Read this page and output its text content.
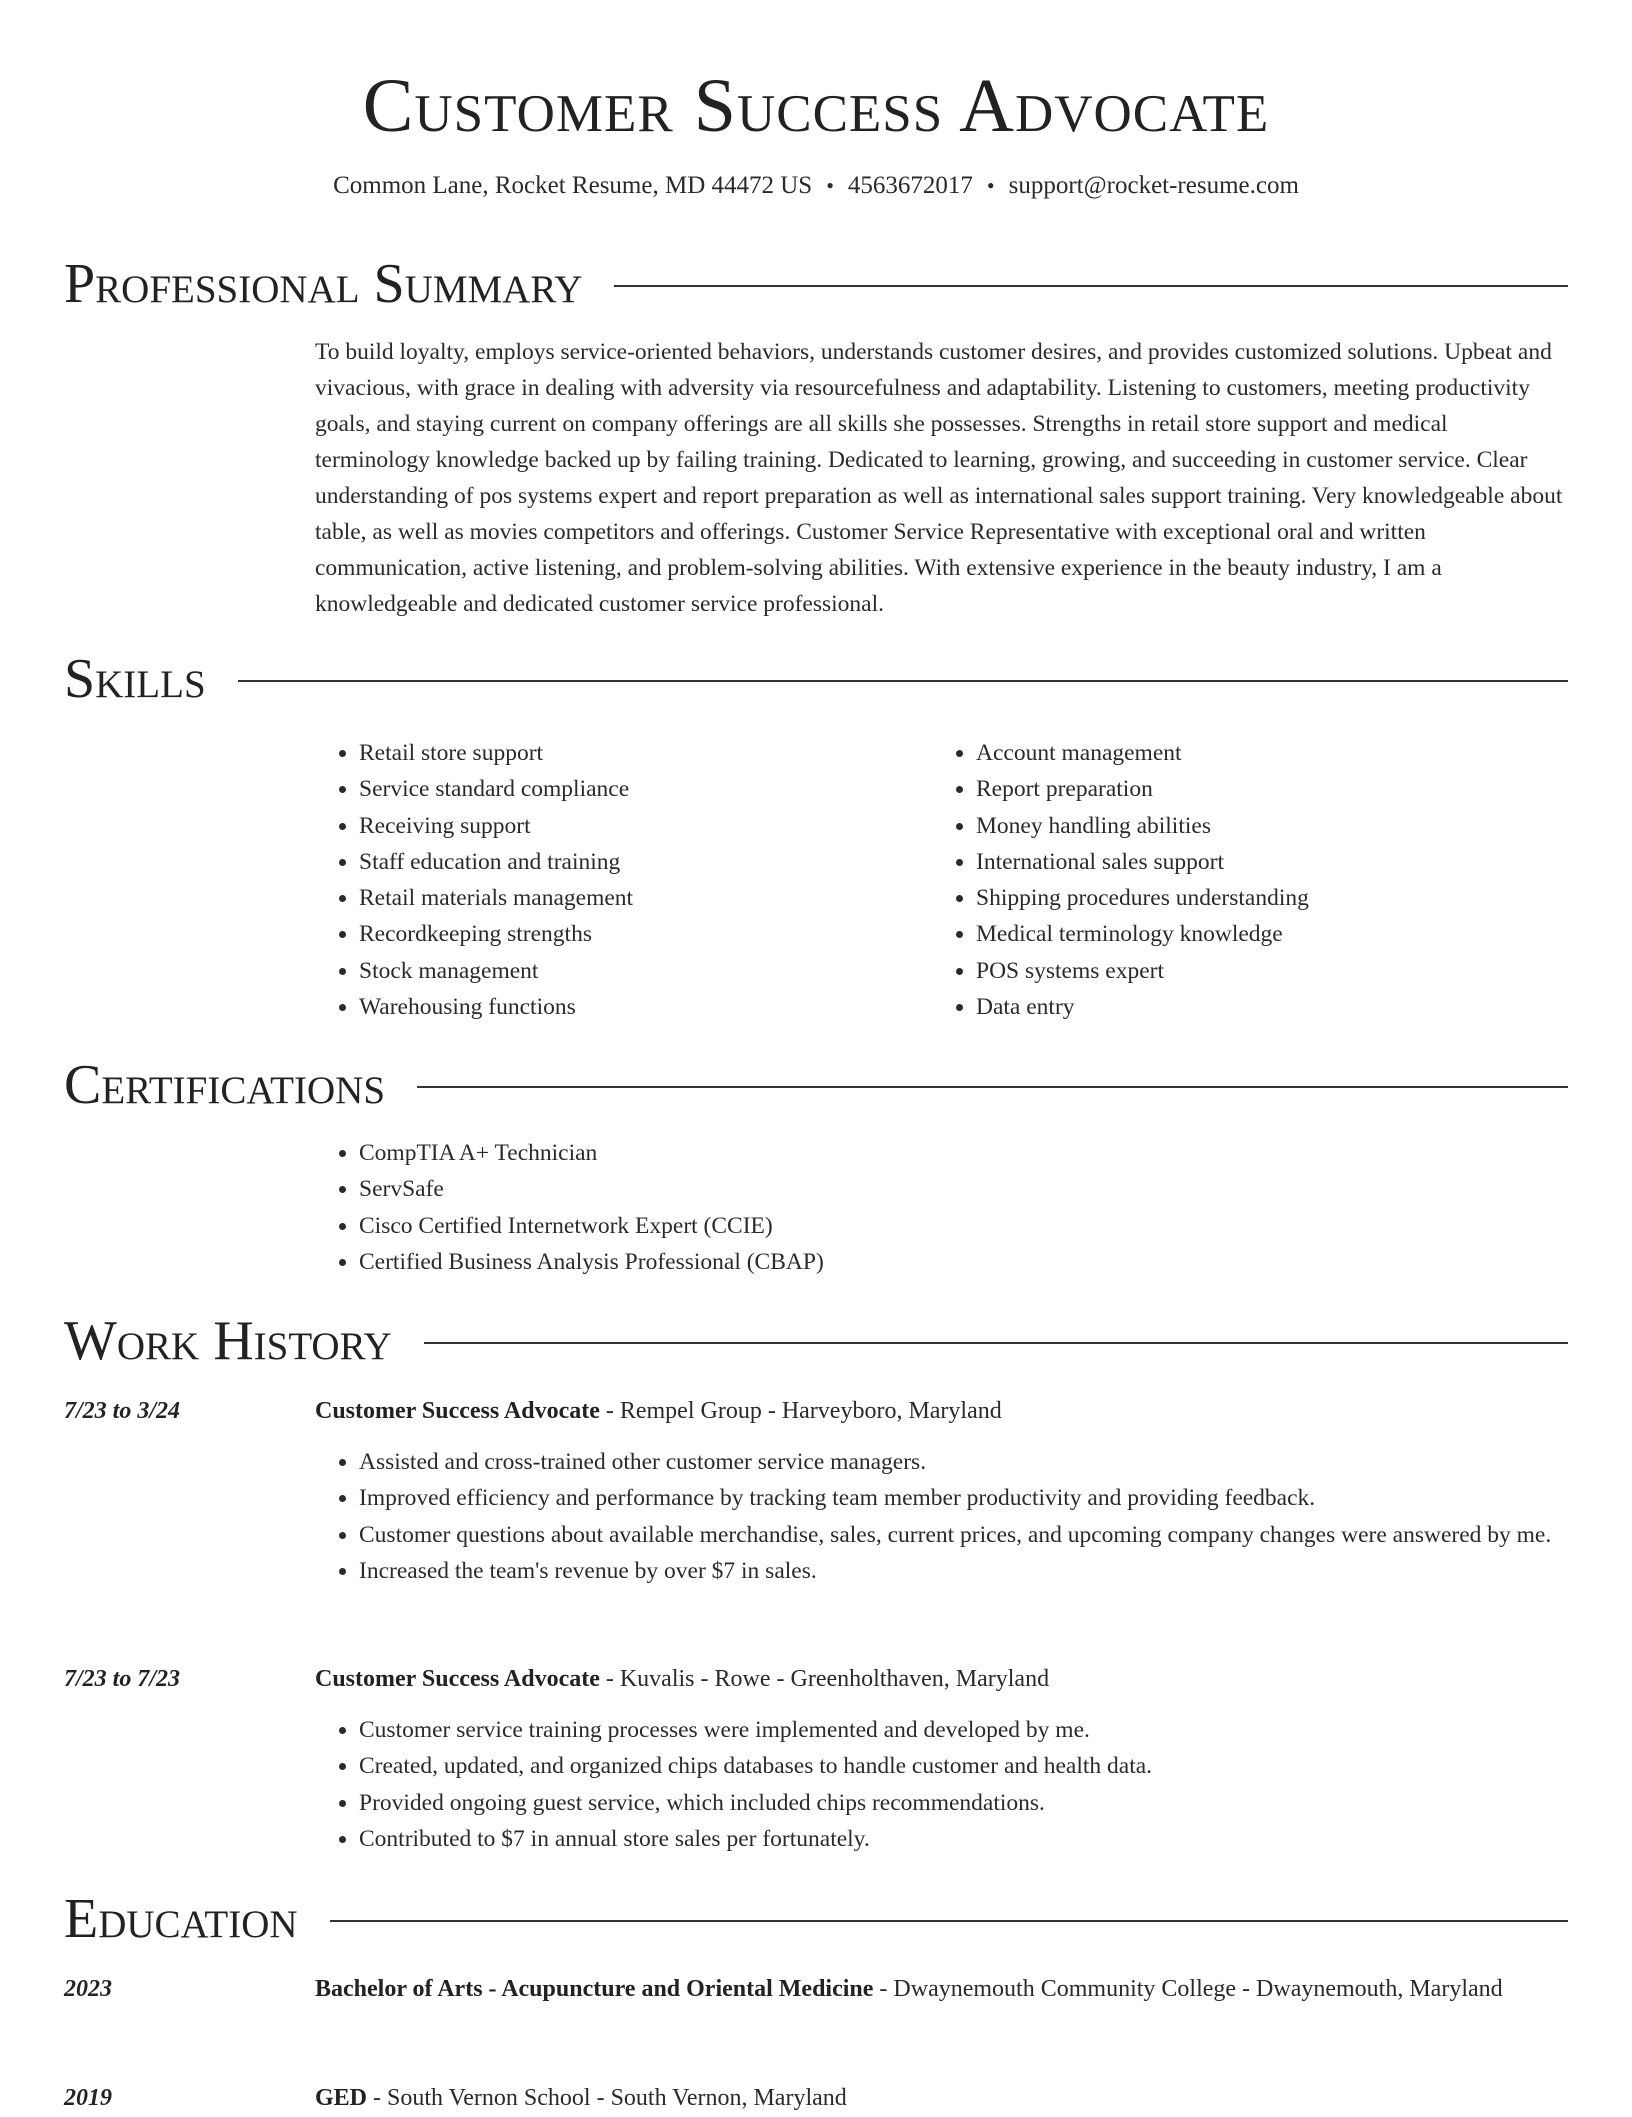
Customer Success Advocate
Common Lane, Rocket Resume, MD 44472 US • 4563672017 • support@rocket-resume.com
Professional Summary

To build loyalty, employs service-oriented behaviors, understands customer desires, and provides customized solutions. Upbeat and vivacious, with grace in dealing with adversity via resourcefulness and adaptability. Listening to customers, meeting productivity goals, and staying current on company offerings are all skills she possesses. Strengths in retail store support and medical terminology knowledge backed up by failing training. Dedicated to learning, growing, and succeeding in customer service. Clear understanding of pos systems expert and report preparation as well as international sales support training. Very knowledgeable about table, as well as movies competitors and offerings. Customer Service Representative with exceptional oral and written communication, active listening, and problem-solving abilities. With extensive experience in the beauty industry, I am a knowledgeable and dedicated customer service professional.

Skills
• Retail store support
• Service standard compliance
• Receiving support
• Staff education and training
• Retail materials management
• Recordkeeping strengths
• Stock management
• Warehousing functions
• Account management
• Report preparation
• Money handling abilities
• International sales support
• Shipping procedures understanding
• Medical terminology knowledge
• POS systems expert
• Data entry
Certifications
• CompTIA A+ Technician
• ServSafe
• Cisco Certified Internetwork Expert (CCIE)
• Certified Business Analysis Professional (CBAP)
Work History
7/23 to 3/24	Customer Success Advocate - Rempel Group - Harveyboro, Maryland
• Assisted and cross-trained other customer service managers.
• Improved efficiency and performance by tracking team member productivity and providing feedback.
• Customer questions about available merchandise, sales, current prices, and upcoming company changes were answered by me.
• Increased the team's revenue by over $7 in sales.
7/23 to 7/23	Customer Success Advocate - Kuvalis - Rowe - Greenholthaven, Maryland
• Customer service training processes were implemented and developed by me.
• Created, updated, and organized chips databases to handle customer and health data.
• Provided ongoing guest service, which included chips recommendations.
• Contributed to $7 in annual store sales per fortunately.
Education
2023	Bachelor of Arts - Acupuncture and Oriental Medicine - Dwaynemouth Community College - Dwaynemouth, Maryland
2019	GED - South Vernon School - South Vernon, Maryland
